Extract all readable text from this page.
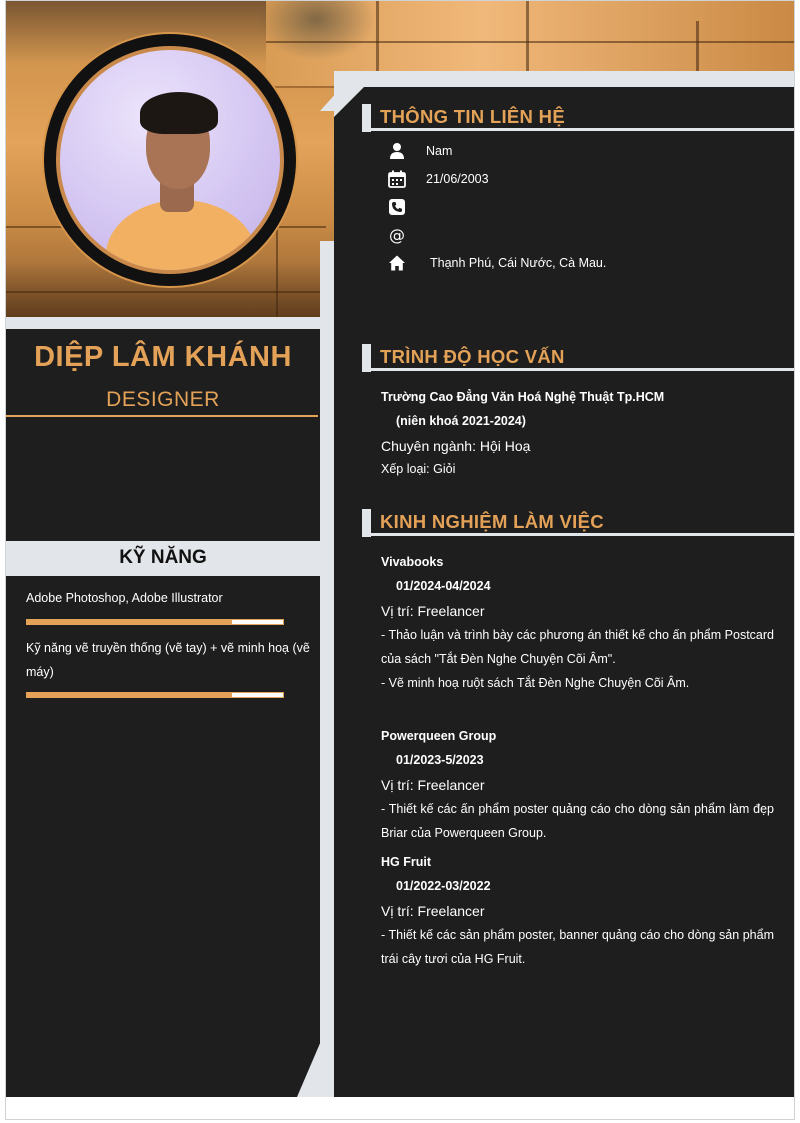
DIỆP LÂM KHÁNH
DESIGNER
KỸ NĂNG
Adobe Photoshop, Adobe Illustrator
Kỹ năng vẽ truyền thống (vẽ tay) + vẽ minh hoạ (vẽ máy)
THÔNG TIN LIÊN HỆ
Nam
21/06/2003
@
Thạnh Phú, Cái Nước, Cà Mau.
TRÌNH ĐỘ HỌC VẤN
Trường Cao Đẳng Văn Hoá Nghệ Thuật Tp.HCM
(niên khoá 2021-2024)
Chuyên ngành: Hội Hoạ
Xếp loại: Giỏi
KINH NGHIỆM LÀM VIỆC
Vivabooks
01/2024-04/2024
Vị trí: Freelancer
- Thảo luận và trình bày các phương án thiết kế cho ấn phẩm Postcard của sách "Tắt Đèn Nghe Chuyện Cõi Âm".
- Vẽ minh hoạ ruột sách Tắt Đèn Nghe Chuyện Cõi Âm.
Powerqueen Group
01/2023-5/2023
Vị trí: Freelancer
- Thiết kế các ấn phẩm poster quảng cáo cho dòng sản phẩm làm đẹp Briar của Powerqueen Group.
HG Fruit
01/2022-03/2022
Vị trí: Freelancer
- Thiết kế các sản phẩm poster, banner quảng cáo cho dòng sản phẩm trái cây tươi của HG Fruit.
